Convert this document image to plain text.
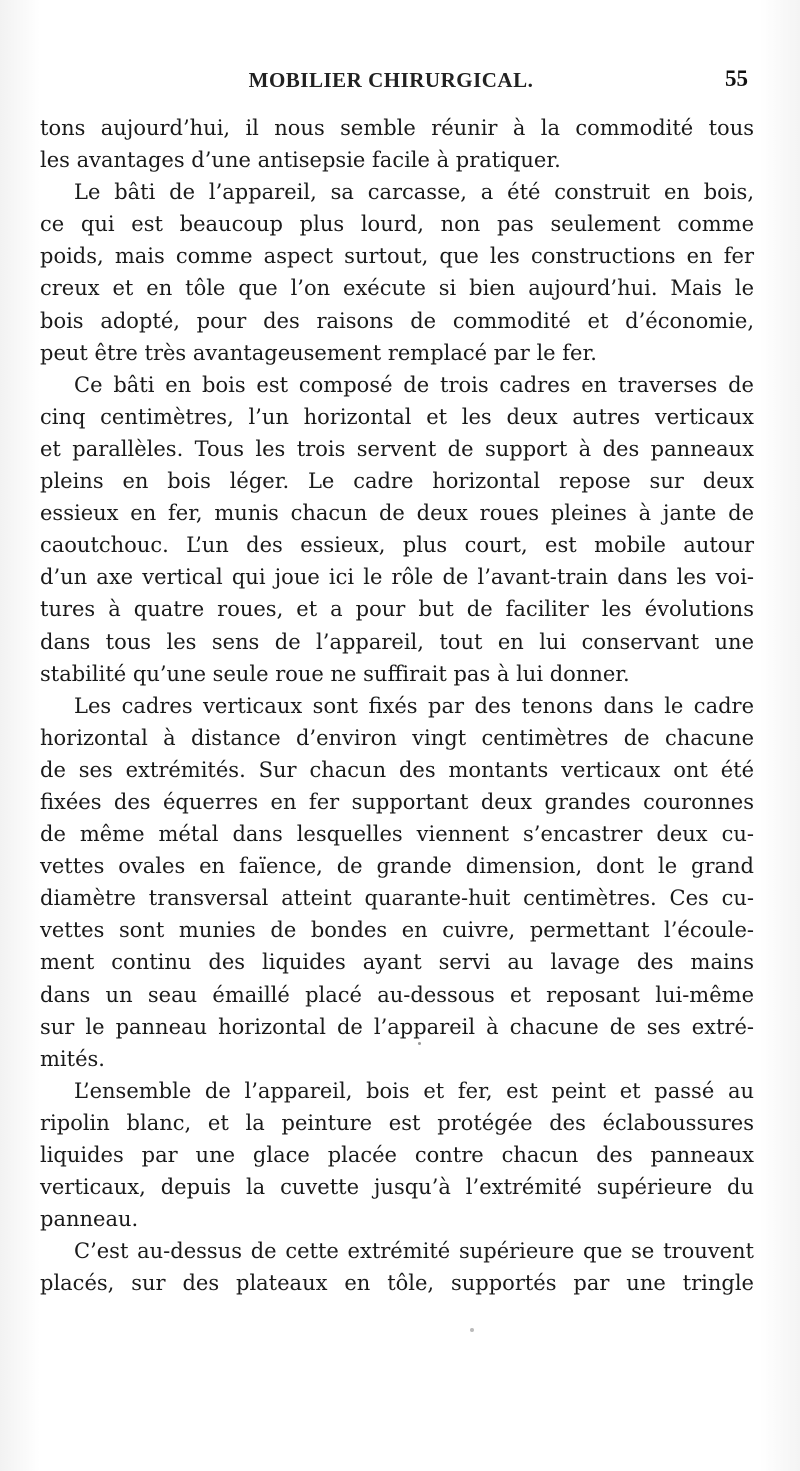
MOBILIER CHIRURGICAL.	55
tons aujourd’hui, il nous semble réunir à la commodité tous
les avantages d’une antisepsie facile à pratiquer.
Le bâti de l’appareil, sa carcasse, a été construit en bois,
ce qui est beaucoup plus lourd, non pas seulement comme
poids, mais comme aspect surtout, que les constructions en fer
creux et en tôle que l’on exécute si bien aujourd’hui. Mais le
bois adopté, pour des raisons de commodité et d’économie,
peut être très avantageusement remplacé par le fer.
Ce bâti en bois est composé de trois cadres en traverses de
cinq centimètres, l’un horizontal et les deux autres verticaux
et parallèles. Tous les trois servent de support à des panneaux
pleins en bois léger. Le cadre horizontal repose sur deux
essieux en fer, munis chacun de deux roues pleines à jante de
caoutchouc. L’un des essieux, plus court, est mobile autour
d’un axe vertical qui joue ici le rôle de l’avant-train dans les voi-
tures à quatre roues, et a pour but de faciliter les évolutions
dans tous les sens de l’appareil, tout en lui conservant une
stabilité qu’une seule roue ne suffirait pas à lui donner.
Les cadres verticaux sont fixés par des tenons dans le cadre
horizontal à distance d’environ vingt centimètres de chacune
de ses extrémités. Sur chacun des montants verticaux ont été
fixées des équerres en fer supportant deux grandes couronnes
de même métal dans lesquelles viennent s’encastrer deux cu-
vettes ovales en faïence, de grande dimension, dont le grand
diamètre transversal atteint quarante-huit centimètres. Ces cu-
vettes sont munies de bondes en cuivre, permettant l’écoule-
ment continu des liquides ayant servi au lavage des mains
dans un seau émaillé placé au-dessous et reposant lui-même
sur le panneau horizontal de l’appareil à chacune de ses extré-
mités.
L’ensemble de l’appareil, bois et fer, est peint et passé au
ripolin blanc, et la peinture est protégée des éclaboussures
liquides par une glace placée contre chacun des panneaux
verticaux, depuis la cuvette jusqu’à l’extrémité supérieure du
panneau.
C’est au-dessus de cette extrémité supérieure que se trouvent
placés, sur des plateaux en tôle, supportés par une tringle
